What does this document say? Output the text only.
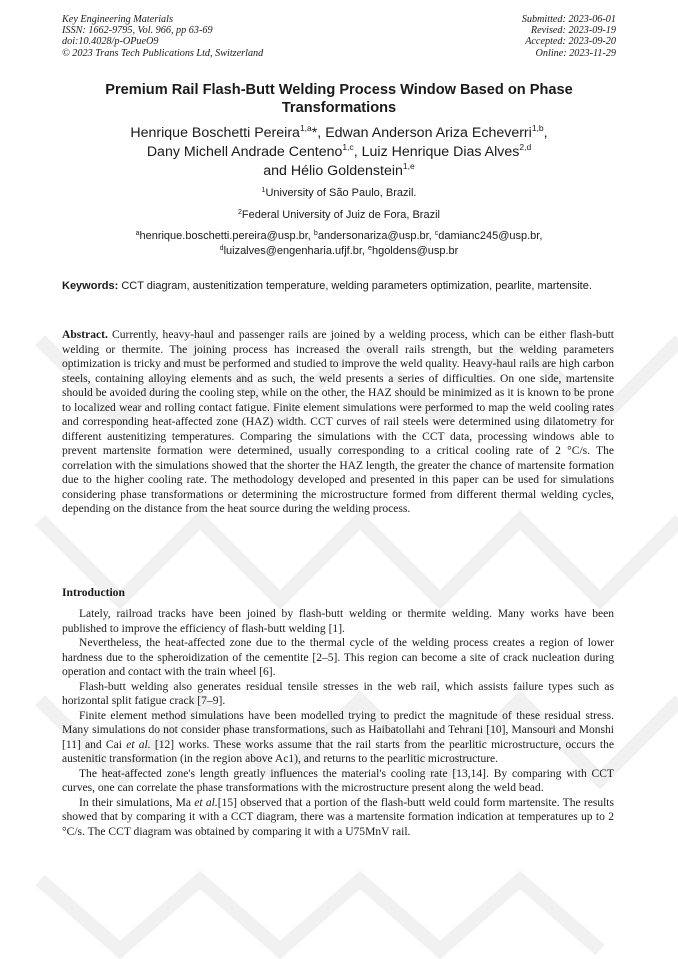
Key Engineering Materials
ISSN: 1662-9795, Vol. 966, pp 63-69
doi:10.4028/p-OPueO9
© 2023 Trans Tech Publications Ltd, Switzerland
Submitted: 2023-06-01
Revised: 2023-09-19
Accepted: 2023-09-20
Online: 2023-11-29
Premium Rail Flash-Butt Welding Process Window Based on Phase
Transformations
Henrique Boschetti Pereira$^{1,a}$*, Edwan Anderson Ariza Echeverri$^{1,b}$,
Dany Michell Andrade Centeno$^{1,c}$, Luiz Henrique Dias Alves$^{2,d}$
and Hélio Goldenstein$^{1,e}$
$^1$University of São Paulo, Brazil.
$^2$Federal University of Juiz de Fora, Brazil
$^a$henrique.boschetti.pereira@usp.br, $^b$andersonariza@usp.br, $^c$damianc245@usp.br,
$^d$luizalves@engenharia.ufjf.br, $^e$hgoldens@usp.br
Keywords: CCT diagram, austenitization temperature, welding parameters optimization, pearlite, martensite.
Abstract. Currently, heavy-haul and passenger rails are joined by a welding process, which can be either flash-butt welding or thermite. The joining process has increased the overall rails strength, but the welding parameters optimization is tricky and must be performed and studied to improve the weld quality. Heavy-haul rails are high carbon steels, containing alloying elements and as such, the weld presents a series of difficulties. On one side, martensite should be avoided during the cooling step, while on the other, the HAZ should be minimized as it is known to be prone to localized wear and rolling contact fatigue. Finite element simulations were performed to map the weld cooling rates and corresponding heat-affected zone (HAZ) width. CCT curves of rail steels were determined using dilatometry for different austenitizing temperatures. Comparing the simulations with the CCT data, processing windows able to prevent martensite formation were determined, usually corresponding to a critical cooling rate of 2 °C/s. The correlation with the simulations showed that the shorter the HAZ length, the greater the chance of martensite formation due to the higher cooling rate. The methodology developed and presented in this paper can be used for simulations considering phase transformations or determining the microstructure formed from different thermal welding cycles, depending on the distance from the heat source during the welding process.
Introduction

Lately, railroad tracks have been joined by flash-butt welding or thermite welding. Many works have been published to improve the efficiency of flash-butt welding [1].

Nevertheless, the heat-affected zone due to the thermal cycle of the welding process creates a region of lower hardness due to the spheroidization of the cementite [2–5]. This region can become a site of crack nucleation during operation and contact with the train wheel [6].

Flash-butt welding also generates residual tensile stresses in the web rail, which assists failure types such as horizontal split fatigue crack [7–9].

Finite element method simulations have been modelled trying to predict the magnitude of these residual stress. Many simulations do not consider phase transformations, such as Haibatollahi and Tehrani [10], Mansouri and Monshi [11] and Cai et al. [12] works. These works assume that the rail starts from the pearlitic microstructure, occurs the austenitic transformation (in the region above Ac1), and returns to the pearlitic microstructure.

The heat-affected zone's length greatly influences the material's cooling rate [13,14]. By comparing with CCT curves, one can correlate the phase transformations with the microstructure present along the weld bead.

In their simulations, Ma et al.[15] observed that a portion of the flash-butt weld could form martensite. The results showed that by comparing it with a CCT diagram, there was a martensite formation indication at temperatures up to 2 °C/s. The CCT diagram was obtained by comparing it with a U75MnV rail.
